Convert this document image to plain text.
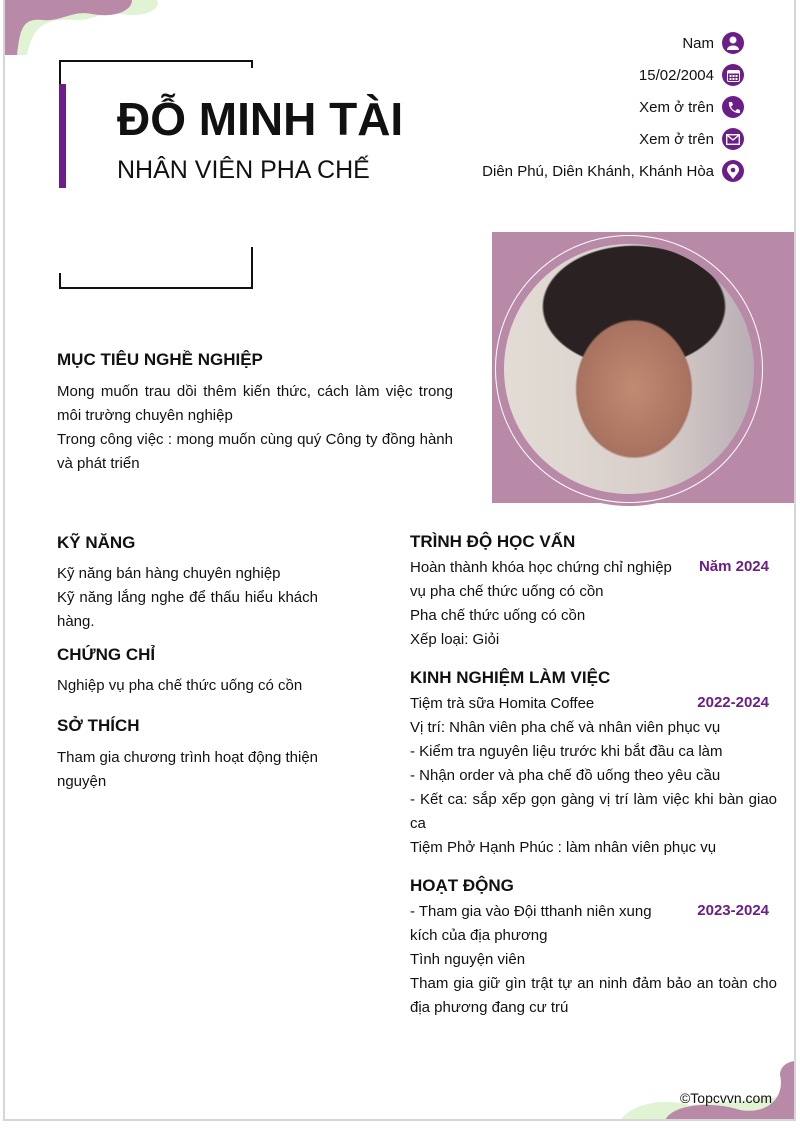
ĐỖ MINH TÀI
NHÂN VIÊN PHA CHẾ
Nam
15/02/2004
Xem ở trên
Xem ở trên
Diên Phú, Diên Khánh, Khánh Hòa
MỤC TIÊU NGHỀ NGHIỆP
Mong muốn trau dồi thêm kiến thức, cách làm việc trong môi trường chuyên nghiệp
Trong công việc : mong muốn cùng quý Công ty đồng hành và phát triển
KỸ NĂNG
Kỹ năng bán hàng chuyên nghiệp
Kỹ năng lắng nghe để thấu hiểu khách hàng.
CHỨNG CHỈ
Nghiệp vụ pha chế thức uống có cồn
SỞ THÍCH
Tham gia chương trình hoạt động thiện nguyện
TRÌNH ĐỘ HỌC VẤN
Năm 2024
Hoàn thành khóa học chứng chỉ nghiệp vụ pha chế thức uống có cồn
Pha chế thức uống có cồn
Xếp loại: Giỏi
KINH NGHIỆM LÀM VIỆC
2022-2024
Tiệm trà sữa Homita Coffee
Vị trí: Nhân viên pha chế và nhân viên phục vụ
- Kiểm tra nguyên liệu trước khi bắt đầu ca làm
- Nhận order và pha chế đồ uống theo yêu cầu
- Kết ca: sắp xếp gọn gàng vị trí làm việc khi bàn giao ca
Tiệm Phở Hạnh Phúc : làm nhân viên phục vụ
HOẠT ĐỘNG
2023-2024
- Tham gia vào Đội tthanh niên xung kích của địa phương
Tình nguyện viên
Tham gia giữ gìn trật tự an ninh đảm bảo an toàn cho địa phương đang cư trú
©Topcvvn.com
